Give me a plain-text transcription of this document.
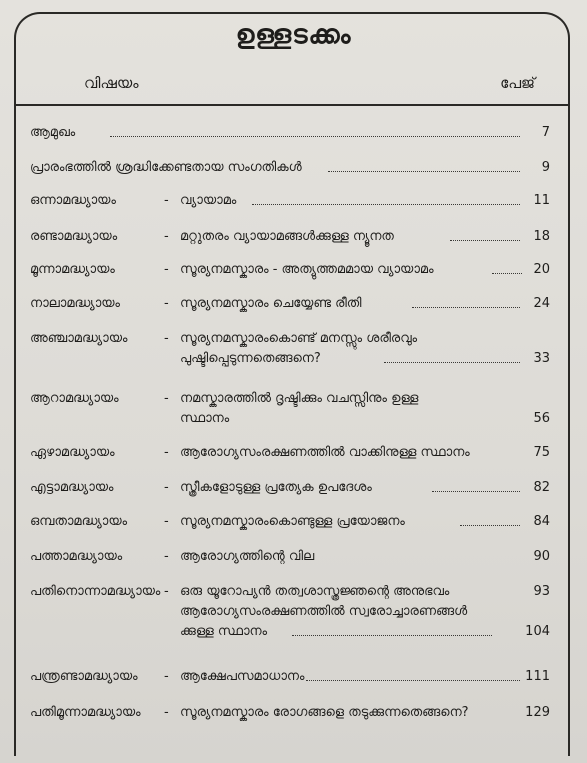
ഉള്ളടക്കം
വിഷയം	പേജ്
ആമുഖം	7
പ്രാരംഭത്തിൽ ശ്രദ്ധിക്കേണ്ടതായ സംഗതികൾ	9
ഒന്നാമദ്ധ്യായം	- വ്യായാമം	11
രണ്ടാമദ്ധ്യായം	- മറ്റുതരം വ്യായാമങ്ങൾക്കുള്ള ന്യൂനത	18
മൂന്നാമദ്ധ്യായം	- സൂര്യനമസ്കാരം - അത്യുത്തമമായ വ്യായാമം	20
നാലാമദ്ധ്യായം	- സൂര്യനമസ്കാരം ചെയ്യേണ്ട രീതി	24
അഞ്ചാമദ്ധ്യായം	- സൂര്യനമസ്കാരംകൊണ്ട് മനസ്സും ശരീരവും
പുഷ്ടിപ്പെടുന്നതെങ്ങനെ?	33
ആറാമദ്ധ്യായം	- നമസ്കാരത്തിൽ ദൃഷ്ടിക്കും വചസ്സിനും ഉള്ള
സ്ഥാനം	56
ഏഴാമദ്ധ്യായം	- ആരോഗ്യസംരക്ഷണത്തിൽ വാക്കിനുള്ള സ്ഥാനം	75
എട്ടാമദ്ധ്യായം	- സ്ത്രീകളോടുള്ള പ്രത്യേക ഉപദേശം	82
ഒമ്പതാമദ്ധ്യായം	- സൂര്യനമസ്കാരംകൊണ്ടുള്ള പ്രയോജനം	84
പത്താമദ്ധ്യായം	- ആരോഗ്യത്തിന്റെ വില	90
പതിനൊന്നാമദ്ധ്യായം - ഒരു യൂറോപ്യൻ തത്വശാസ്ത്രജ്ഞന്റെ അനുഭവം	93
ആരോഗ്യസംരക്ഷണത്തിൽ സ്വരോച്ചാരണങ്ങൾ
ക്കുള്ള സ്ഥാനം	104
പന്ത്രണ്ടാമദ്ധ്യായം - ആക്ഷേപസമാധാനം	111
പതിമൂന്നാമദ്ധ്യായം - സൂര്യനമസ്കാരം രോഗങ്ങളെ തടുക്കുന്നതെങ്ങനെ?	129
